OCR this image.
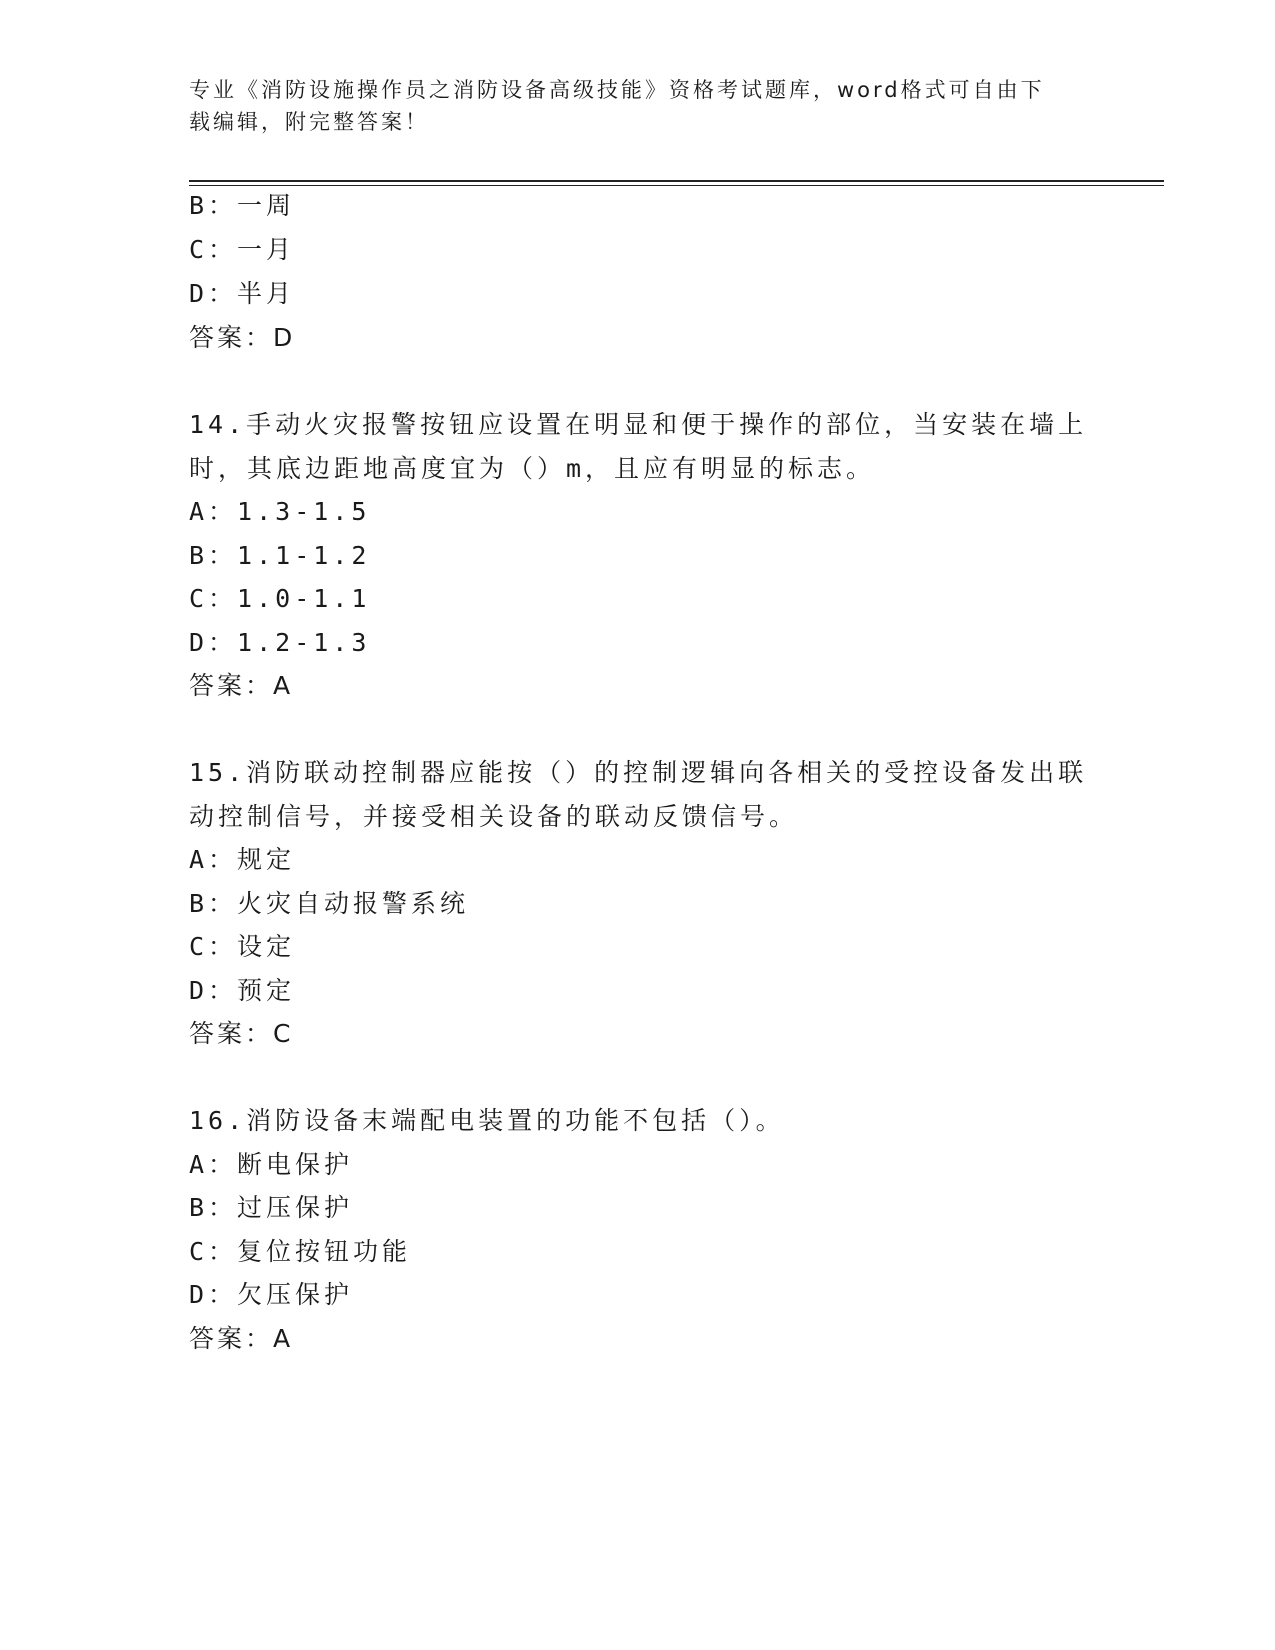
专业《消防设施操作员之消防设备高级技能》资格考试题库，word格式可自由下
载编辑，附完整答案！
B：一周
C：一月
D：半月
答案：D
14.手动火灾报警按钮应设置在明显和便于操作的部位，当安装在墙上
时，其底边距地高度宜为（）m，且应有明显的标志。
A：1.3-1.5
B：1.1-1.2
C：1.0-1.1
D：1.2-1.3
答案：A
15.消防联动控制器应能按（）的控制逻辑向各相关的受控设备发出联
动控制信号，并接受相关设备的联动反馈信号。
A：规定
B：火灾自动报警系统
C：设定
D：预定
答案：C
16.消防设备末端配电装置的功能不包括（）。
A：断电保护
B：过压保护
C：复位按钮功能
D：欠压保护
答案：A
